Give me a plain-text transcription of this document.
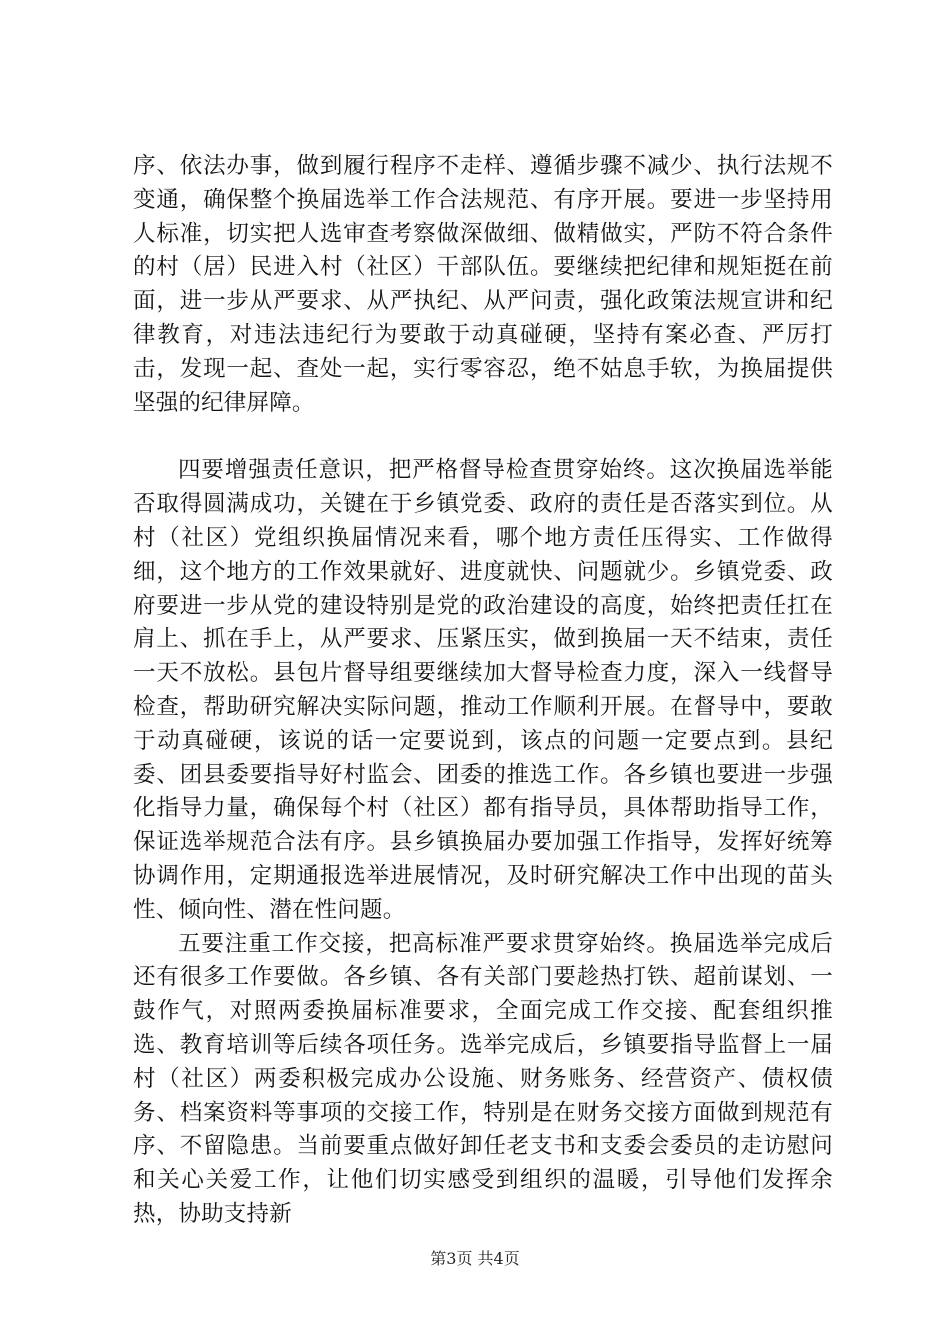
序、依法办事，做到履行程序不走样、遵循步骤不减少、执行法规不变通，确保整个换届选举工作合法规范、有序开展。要进一步坚持用人标准，切实把人选审查考察做深做细、做精做实，严防不符合条件的村（居）民进入村（社区）干部队伍。要继续把纪律和规矩挺在前面，进一步从严要求、从严执纪、从严问责，强化政策法规宣讲和纪律教育，对违法违纪行为要敢于动真碰硬，坚持有案必查、严厉打击，发现一起、查处一起，实行零容忍，绝不姑息手软，为换届提供坚强的纪律屏障。

四要增强责任意识，把严格督导检查贯穿始终。这次换届选举能否取得圆满成功，关键在于乡镇党委、政府的责任是否落实到位。从村（社区）党组织换届情况来看，哪个地方责任压得实、工作做得细，这个地方的工作效果就好、进度就快、问题就少。乡镇党委、政府要进一步从党的建设特别是党的政治建设的高度，始终把责任扛在肩上、抓在手上，从严要求、压紧压实，做到换届一天不结束，责任一天不放松。县包片督导组要继续加大督导检查力度，深入一线督导检查，帮助研究解决实际问题，推动工作顺利开展。在督导中，要敢于动真碰硬，该说的话一定要说到，该点的问题一定要点到。县纪委、团县委要指导好村监会、团委的推选工作。各乡镇也要进一步强化指导力量，确保每个村（社区）都有指导员，具体帮助指导工作，保证选举规范合法有序。县乡镇换届办要加强工作指导，发挥好统筹协调作用，定期通报选举进展情况，及时研究解决工作中出现的苗头性、倾向性、潜在性问题。

五要注重工作交接，把高标准严要求贯穿始终。换届选举完成后还有很多工作要做。各乡镇、各有关部门要趁热打铁、超前谋划、一鼓作气，对照两委换届标准要求，全面完成工作交接、配套组织推选、教育培训等后续各项任务。选举完成后，乡镇要指导监督上一届村（社区）两委积极完成办公设施、财务账务、经营资产、债权债务、档案资料等事项的交接工作，特别是在财务交接方面做到规范有序、不留隐患。当前要重点做好卸任老支书和支委会委员的走访慰问和关心关爱工作，让他们切实感受到组织的温暖，引导他们发挥余热，协助支持新

第3页 共4页
